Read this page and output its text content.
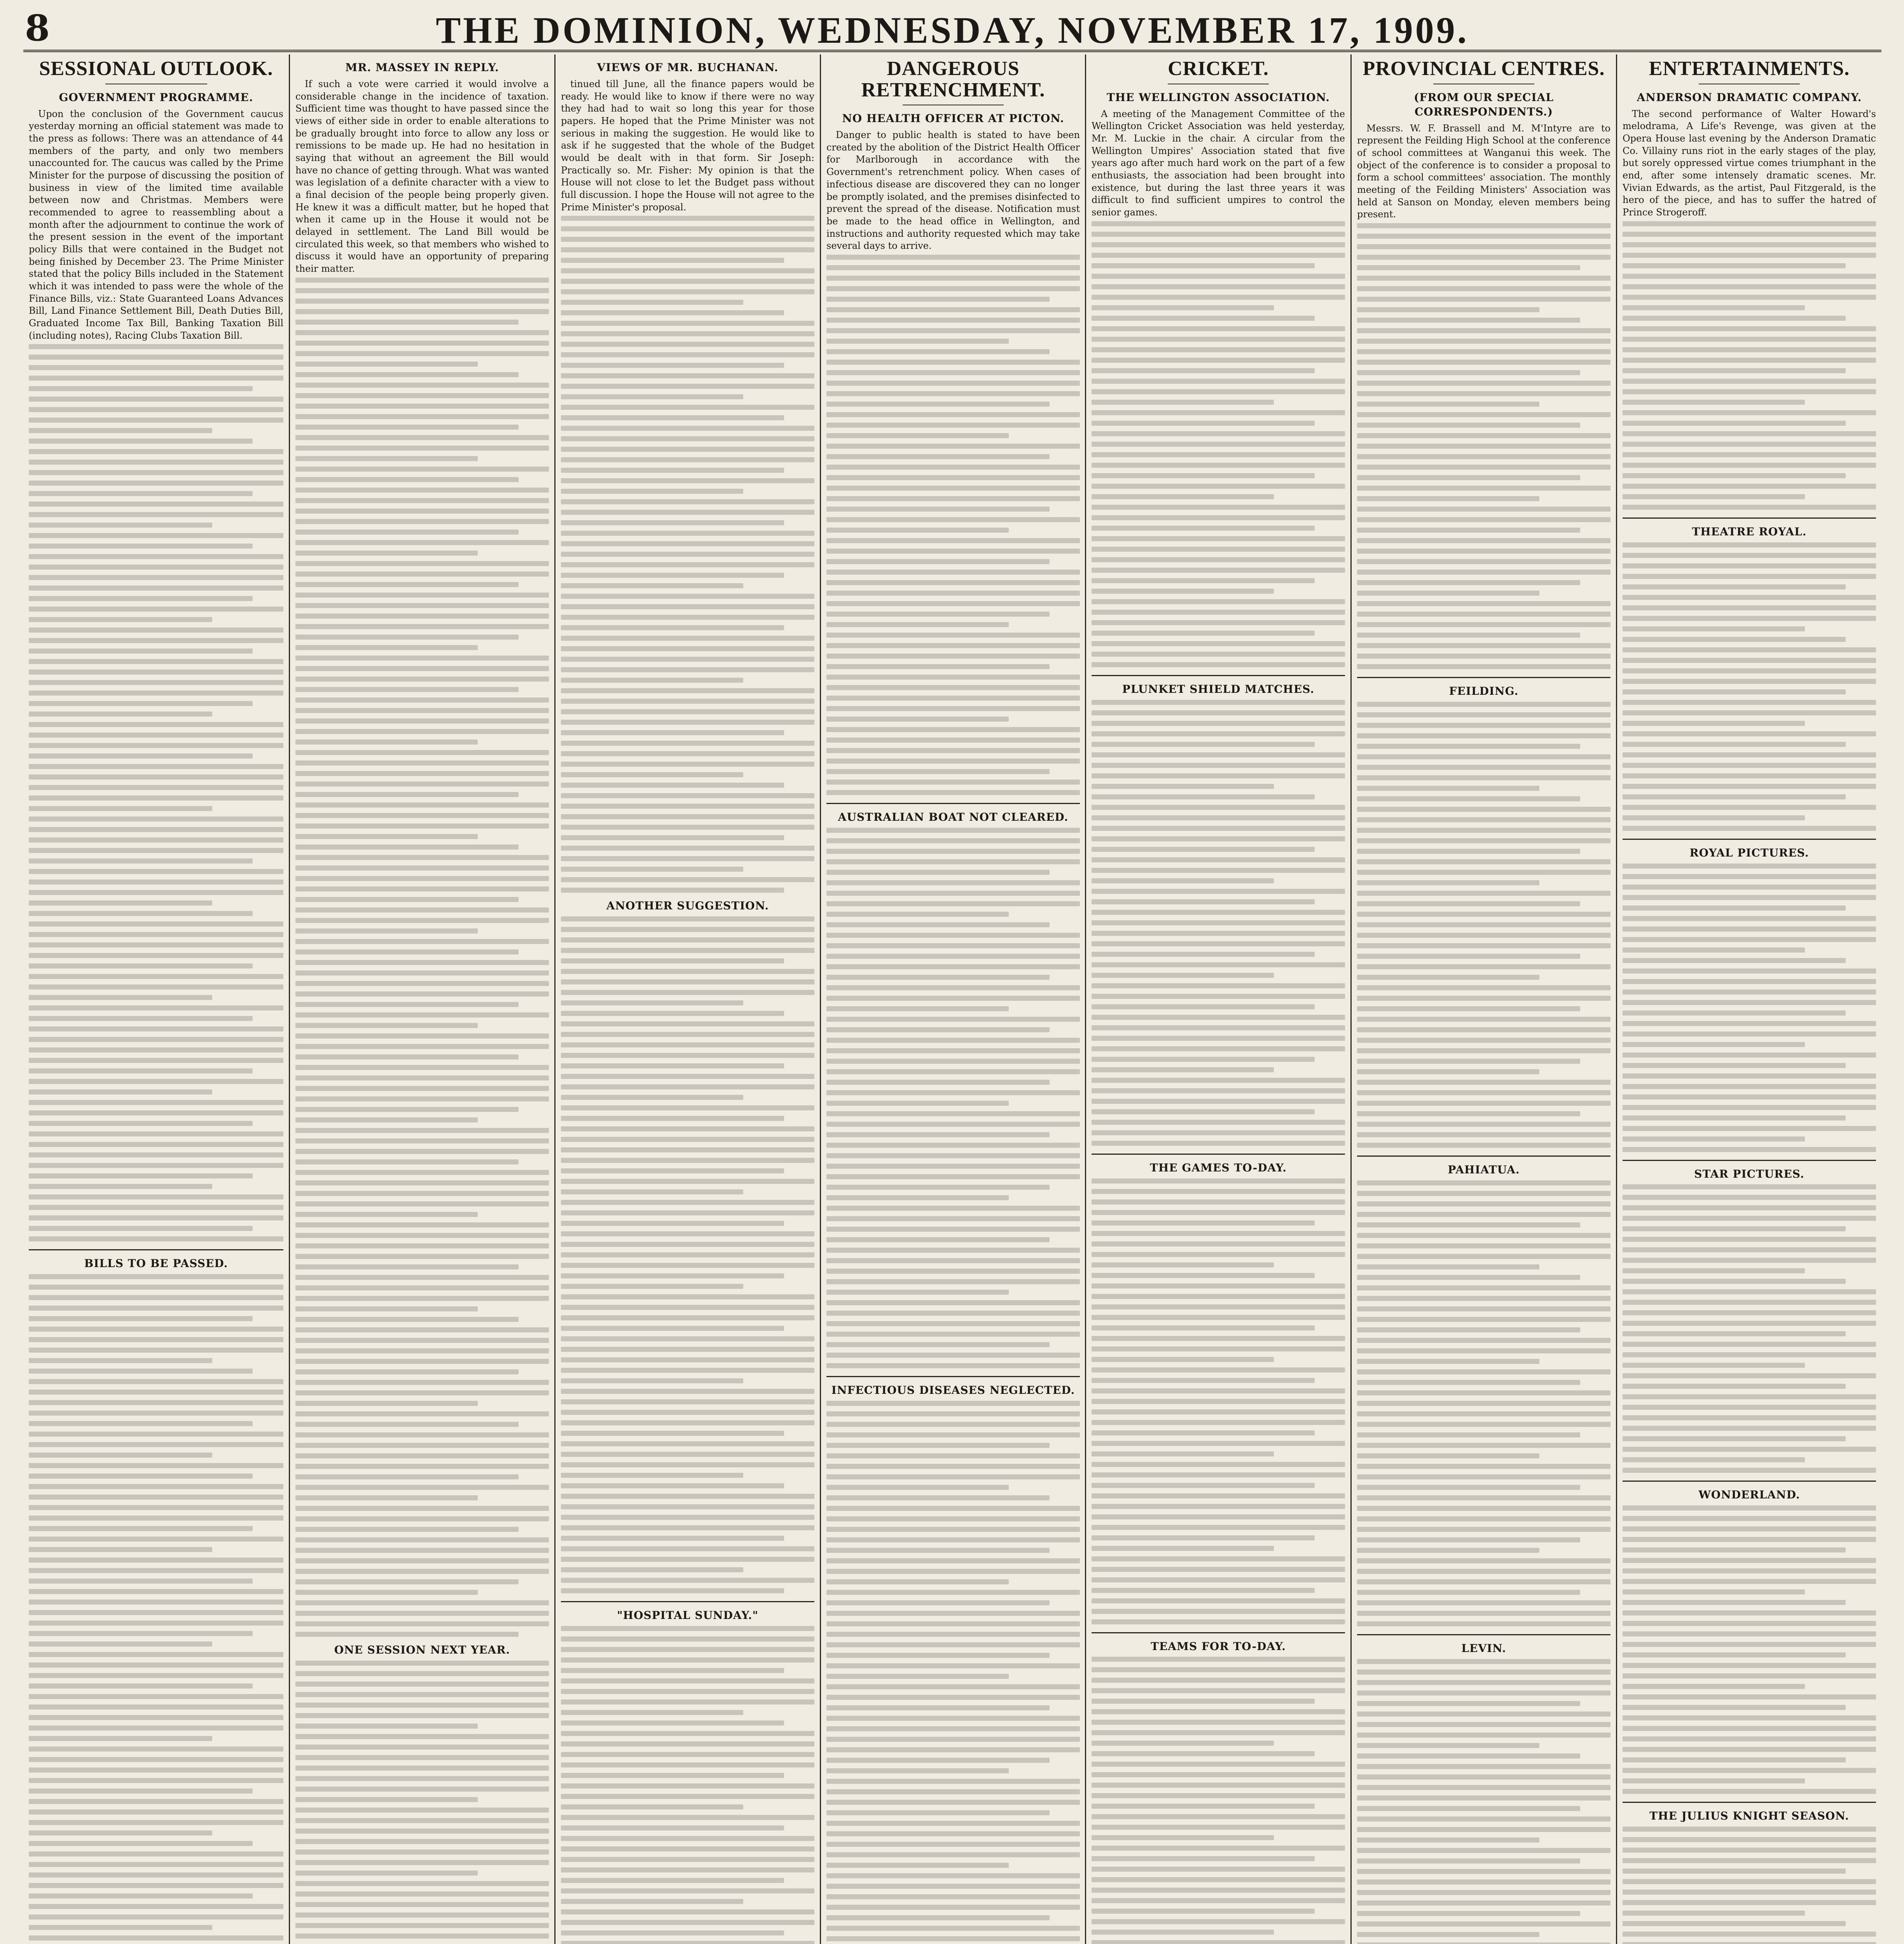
8	THE DOMINION, WEDNESDAY, NOVEMBER 17, 1909.
SESSIONAL OUTLOOK.
GOVERNMENT PROGRAMME.

Upon the conclusion of the Government caucus yesterday morning an official statement was made to the press as follows: There was an attendance of 44 members of the party, and only two members unaccounted for. The caucus was called by the Prime Minister for the purpose of discussing the position of business in view of the limited time available between now and Christmas. Members were recommended to agree to reassembling about a month after the adjournment to continue the work of the present session in the event of the important policy Bills that were contained in the Budget not being finished by December 23. The Prime Minister stated that the policy Bills included in the Statement which it was intended to pass were the whole of the Finance Bills, viz.: State Guaranteed Loans Advances Bill, Land Finance Settlement Bill, Death Duties Bill, Graduated Income Tax Bill, Banking Taxation Bill (including notes), Racing Clubs Taxation Bill.

BILLS TO BE PASSED.
MR. MASSEY IN REPLY.

If such a vote were carried it would involve a considerable change in the incidence of taxation. Sufficient time was thought to have passed since the views of either side in order to enable alterations to be gradually brought into force to allow any loss or remissions to be made up. He had no hesitation in saying that without an agreement the Bill would have no chance of getting through. What was wanted was legislation of a definite character with a view to a final decision of the people being properly given. He knew it was a difficult matter, but he hoped that when it came up in the House it would not be delayed in settlement. The Land Bill would be circulated this week, so that members who wished to discuss it would have an opportunity of preparing their matter.

ONE SESSION NEXT YEAR.
VIEWS OF MR. BUCHANAN.

tinued till June, all the finance papers would be ready. He would like to know if there were no way they had had to wait so long this year for those papers. He hoped that the Prime Minister was not serious in making the suggestion. He would like to ask if he suggested that the whole of the Budget would be dealt with in that form. Sir Joseph: Practically so. Mr. Fisher: My opinion is that the House will not close to let the Budget pass without full discussion. I hope the House will not agree to the Prime Minister's proposal.

ANOTHER SUGGESTION.
"HOSPITAL SUNDAY."
DANGEROUS RETRENCHMENT.
NO HEALTH OFFICER AT PICTON.

Danger to public health is stated to have been created by the abolition of the District Health Officer for Marlborough in accordance with the Government's retrenchment policy. When cases of infectious disease are discovered they can no longer be promptly isolated, and the premises disinfected to prevent the spread of the disease. Notification must be made to the head office in Wellington, and instructions and authority requested which may take several days to arrive.

AUSTRALIAN BOAT NOT CLEARED.
INFECTIOUS DISEASES NEGLECTED.
CRICKET.
THE WELLINGTON ASSOCIATION.

A meeting of the Management Committee of the Wellington Cricket Association was held yesterday, Mr. M. Luckie in the chair. A circular from the Wellington Umpires' Association stated that five years ago after much hard work on the part of a few enthusiasts, the association had been brought into existence, but during the last three years it was difficult to find sufficient umpires to control the senior games.

PLUNKET SHIELD MATCHES.
THE GAMES TO-DAY.
TEAMS FOR TO-DAY.
PROVINCIAL CENTRES.
(FROM OUR SPECIAL CORRESPONDENTS.)

Messrs. W. F. Brassell and M. M'Intyre are to represent the Feilding High School at the conference of school committees at Wanganui this week. The object of the conference is to consider a proposal to form a school committees' association. The monthly meeting of the Feilding Ministers' Association was held at Sanson on Monday, eleven members being present.

FEILDING.
PAHIATUA.
LEVIN.
ENTERTAINMENTS.
ANDERSON DRAMATIC COMPANY.

The second performance of Walter Howard's melodrama, A Life's Revenge, was given at the Opera House last evening by the Anderson Dramatic Co. Villainy runs riot in the early stages of the play, but sorely oppressed virtue comes triumphant in the end, after some intensely dramatic scenes. Mr. Vivian Edwards, as the artist, Paul Fitzgerald, is the hero of the piece, and has to suffer the hatred of Prince Strogeroff.

THEATRE ROYAL.
ROYAL PICTURES.
STAR PICTURES.
WONDERLAND.
THE JULIUS KNIGHT SEASON.
